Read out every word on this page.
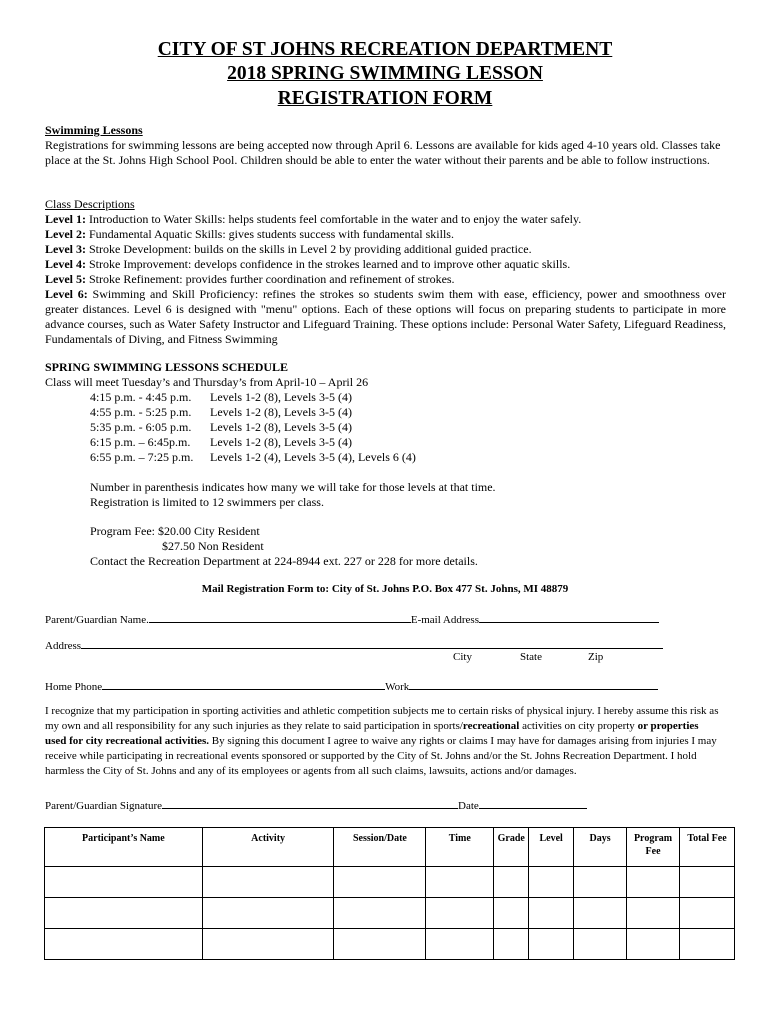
CITY OF ST JOHNS RECREATION DEPARTMENT
2018 SPRING SWIMMING LESSON
REGISTRATION FORM
Swimming Lessons
Registrations for swimming lessons are being accepted now through April 6. Lessons are available for kids aged 4-10 years old. Classes take place at the St. Johns High School Pool. Children should be able to enter the water without their parents and be able to follow instructions.
Class Descriptions
Level 1: Introduction to Water Skills: helps students feel comfortable in the water and to enjoy the water safely.
Level 2: Fundamental Aquatic Skills: gives students success with fundamental skills.
Level 3: Stroke Development: builds on the skills in Level 2 by providing additional guided practice.
Level 4: Stroke Improvement: develops confidence in the strokes learned and to improve other aquatic skills.
Level 5: Stroke Refinement: provides further coordination and refinement of strokes.
Level 6: Swimming and Skill Proficiency: refines the strokes so students swim them with ease, efficiency, power and smoothness over greater distances. Level 6 is designed with "menu" options. Each of these options will focus on preparing students to participate in more advance courses, such as Water Safety Instructor and Lifeguard Training. These options include: Personal Water Safety, Lifeguard Readiness, Fundamentals of Diving, and Fitness Swimming
SPRING SWIMMING LESSONS SCHEDULE
Class will meet Tuesday’s and Thursday’s from April-10 – April 26
4:15 p.m. - 4:45 p.m. Levels 1-2 (8), Levels 3-5 (4)
4:55 p.m. - 5:25 p.m. Levels 1-2 (8), Levels 3-5 (4)
5:35 p.m. - 6:05 p.m. Levels 1-2 (8), Levels 3-5 (4)
6:15 p.m. – 6:45p.m. Levels 1-2 (8), Levels 3-5 (4)
6:55 p.m. – 7:25 p.m. Levels 1-2 (4), Levels 3-5 (4), Levels 6 (4)
Number in parenthesis indicates how many we will take for those levels at that time.
Registration is limited to 12 swimmers per class.
Program Fee: $20.00 City Resident
$27.50 Non Resident
Contact the Recreation Department at 224-8944 ext. 227 or 228 for more details.
Mail Registration Form to: City of St. Johns P.O. Box 477 St. Johns, MI 48879
Parent/Guardian Name.	E-mail Address
Address
City	State	Zip
Home Phone	Work
I recognize that my participation in sporting activities and athletic competition subjects me to certain risks of physical injury. I hereby assume this risk as my own and all responsibility for any such injuries as they relate to said participation in sports/recreational activities on city property or properties used for city recreational activities. By signing this document I agree to waive any rights or claims I may have for damages arising from injuries I may receive while participating in recreational events sponsored or supported by the City of St. Johns and/or the St. Johns Recreation Department. I hold harmless the City of St. Johns and any of its employees or agents from all such claims, lawsuits, actions and/or damages.
Parent/Guardian Signature	Date
Participant’s Name	Activity	Session/Date	Time	Grade	Level	Days	Program Fee	Total Fee
